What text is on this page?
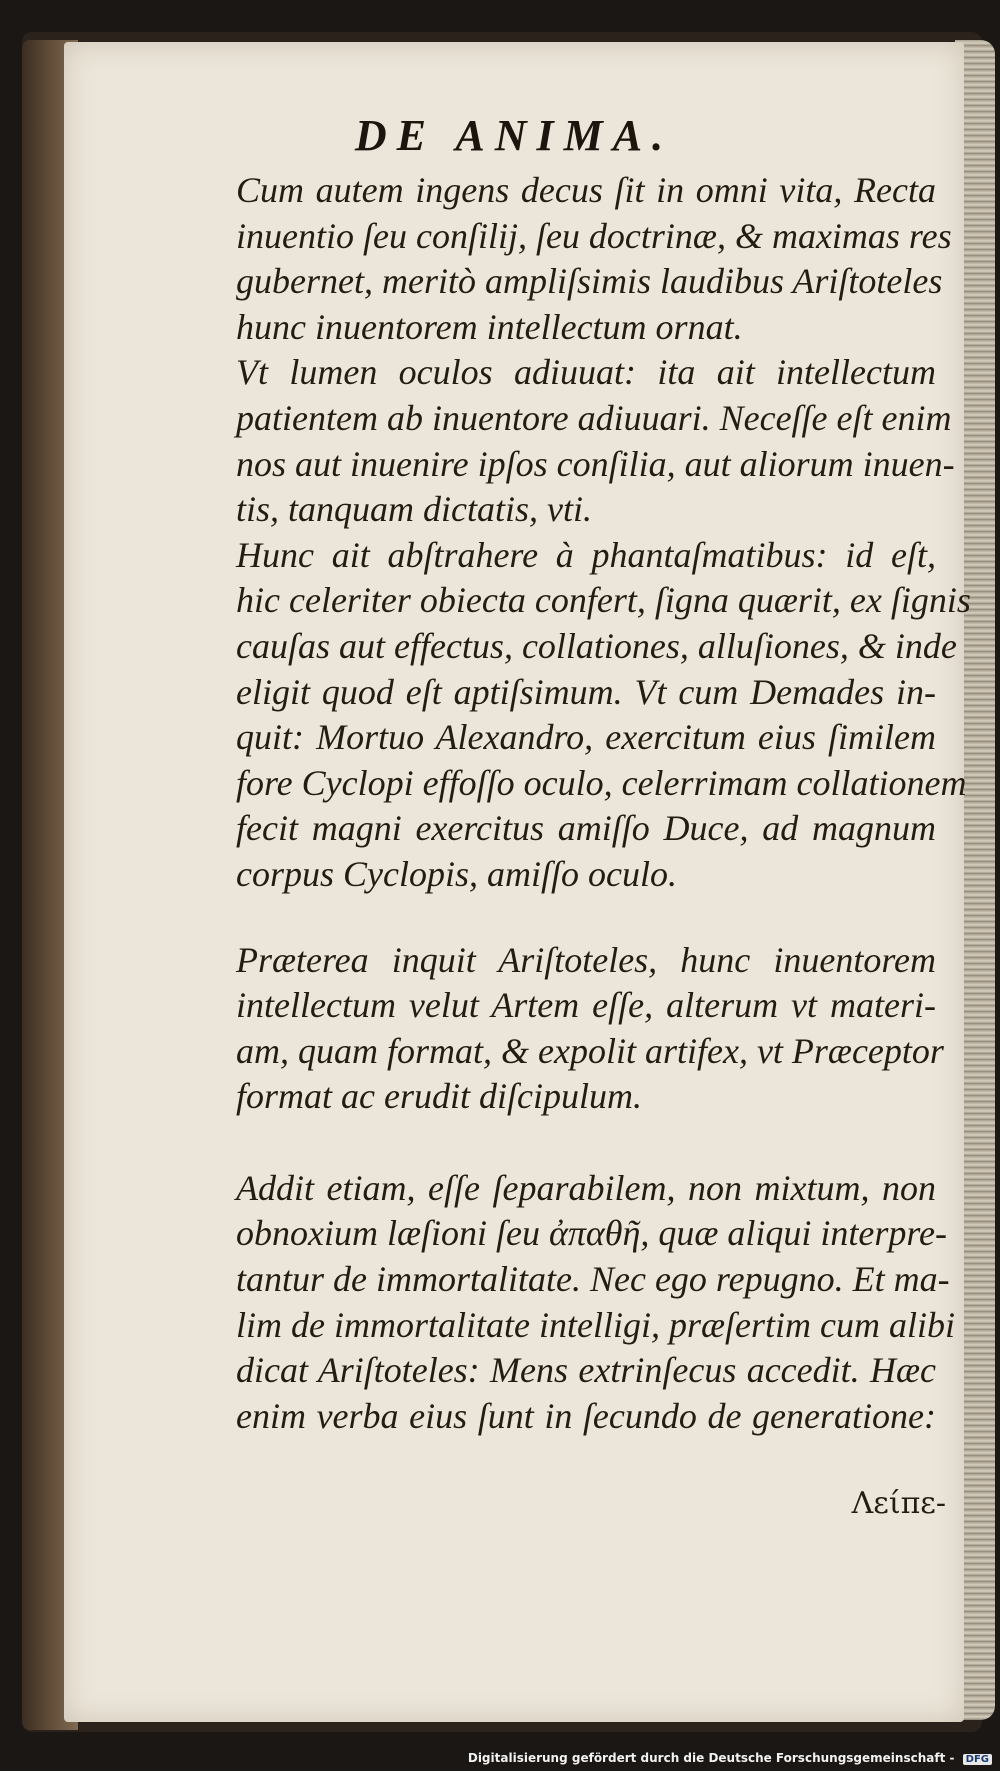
DE ANIMA.

Cum autem ingens decus ſit in omni vita, Recta
inuentio ſeu conſilij, ſeu doctrinæ, & maximas res
gubernet, meritò ampliſsimis laudibus Ariſtoteles
hunc inuentorem intellectum ornat.

Vt lumen oculos adiuuat: ita ait intellectum
patientem ab inuentore adiuuari. Neceſſe eſt enim
nos aut inuenire ipſos conſilia, aut aliorum inuen-
tis, tanquam dictatis, vti.

Hunc ait abſtrahere à phantaſmatibus: id eſt,
hic celeriter obiecta confert, ſigna quærit, ex ſignis
cauſas aut effectus, collationes, alluſiones, & inde
eligit quod eſt aptiſsimum. Vt cum Demades in-
quit: Mortuo Alexandro, exercitum eius ſimilem
fore Cyclopi effoſſo oculo, celerrimam collationem
fecit magni exercitus amiſſo Duce, ad magnum
corpus Cyclopis, amiſſo oculo.

Præterea inquit Ariſtoteles, hunc inuentorem
intellectum velut Artem eſſe, alterum vt materi-
am, quam format, & expolit artifex, vt Præceptor
format ac erudit diſcipulum.

Addit etiam, eſſe ſeparabilem, non mixtum, non
obnoxium læſioni ſeu ἀπαθῆ, quæ aliqui interpre-
tantur de immortalitate. Nec ego repugno. Et ma-
lim de immortalitate intelligi, præſertim cum alibi
dicat Ariſtoteles: Mens extrinſecus accedit. Hæc
enim verba eius ſunt in ſecundo de generatione:

Λείπε-
Digitalisierung gefördert durch die Deutsche Forschungsgemeinschaft - DFG
